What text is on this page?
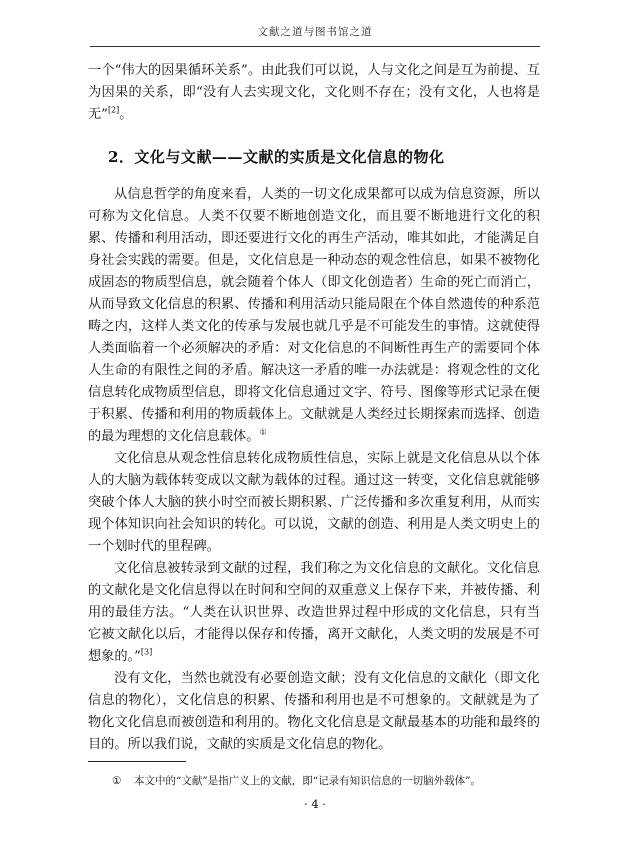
文献之道与图书馆之道

一个“伟大的因果循环关系”。由此我们可以说，人与文化之间是互为前提、互为因果的关系，即“没有人去实现文化，文化则不存在；没有文化，人也将是无”[2]。

2．文化与文献——文献的实质是文化信息的物化

从信息哲学的角度来看，人类的一切文化成果都可以成为信息资源，所以可称为文化信息。人类不仅要不断地创造文化，而且要不断地进行文化的积累、传播和利用活动，即还要进行文化的再生产活动，唯其如此，才能满足自身社会实践的需要。但是，文化信息是一种动态的观念性信息，如果不被物化成固态的物质型信息，就会随着个体人（即文化创造者）生命的死亡而消亡，从而导致文化信息的积累、传播和利用活动只能局限在个体自然遗传的种系范畴之内，这样人类文化的传承与发展也就几乎是不可能发生的事情。这就使得人类面临着一个必须解决的矛盾：对文化信息的不间断性再生产的需要同个体人生命的有限性之间的矛盾。解决这一矛盾的唯一办法就是：将观念性的文化信息转化成物质型信息，即将文化信息通过文字、符号、图像等形式记录在便于积累、传播和利用的物质载体上。文献就是人类经过长期探索而选择、创造的最为理想的文化信息载体。①

文化信息从观念性信息转化成物质性信息，实际上就是文化信息从以个体人的大脑为载体转变成以文献为载体的过程。通过这一转变，文化信息就能够突破个体人大脑的狭小时空而被长期积累、广泛传播和多次重复利用，从而实现个体知识向社会知识的转化。可以说，文献的创造、利用是人类文明史上的一个划时代的里程碑。

文化信息被转录到文献的过程，我们称之为文化信息的文献化。文化信息的文献化是文化信息得以在时间和空间的双重意义上保存下来，并被传播、利用的最佳方法。“人类在认识世界、改造世界过程中形成的文化信息，只有当它被文献化以后，才能得以保存和传播，离开文献化，人类文明的发展是不可想象的。”[3]

没有文化，当然也就没有必要创造文献；没有文化信息的文献化（即文化信息的物化），文化信息的积累、传播和利用也是不可想象的。文献就是为了物化文化信息而被创造和利用的。物化文化信息是文献最基本的功能和最终的目的。所以我们说，文献的实质是文化信息的物化。

① 本文中的“文献”是指广义上的文献，即“记录有知识信息的一切脑外载体”。
· 4 ·
